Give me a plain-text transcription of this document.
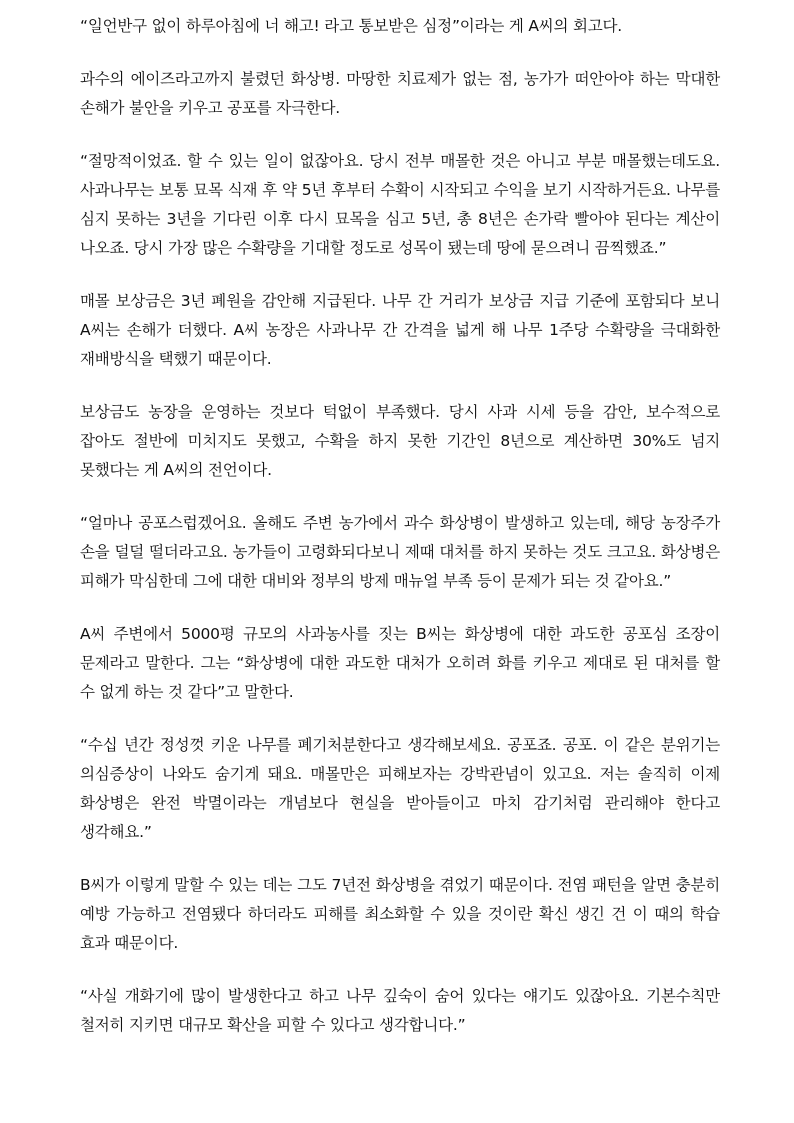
“일언반구 없이 하루아침에 너 해고! 라고 통보받은 심정”이라는 게 A씨의 회고다.

과수의 에이즈라고까지 불렸던 화상병. 마땅한 치료제가 없는 점, 농가가 떠안아야 하는 막대한 손해가 불안을 키우고 공포를 자극한다.

“절망적이었죠. 할 수 있는 일이 없잖아요. 당시 전부 매몰한 것은 아니고 부분 매몰했는데도요. 사과나무는 보통 묘목 식재 후 약 5년 후부터 수확이 시작되고 수익을 보기 시작하거든요. 나무를 심지 못하는 3년을 기다린 이후 다시 묘목을 심고 5년, 총 8년은 손가락 빨아야 된다는 계산이 나오죠. 당시 가장 많은 수확량을 기대할 정도로 성목이 됐는데 땅에 묻으려니 끔찍했죠.”

매몰 보상금은 3년 폐원을 감안해 지급된다. 나무 간 거리가 보상금 지급 기준에 포함되다 보니 A씨는 손해가 더했다. A씨 농장은 사과나무 간 간격을 넓게 해 나무 1주당 수확량을 극대화한 재배방식을 택했기 때문이다.

보상금도 농장을 운영하는 것보다 턱없이 부족했다. 당시 사과 시세 등을 감안, 보수적으로 잡아도 절반에 미치지도 못했고, 수확을 하지 못한 기간인 8년으로 계산하면 30%도 넘지 못했다는 게 A씨의 전언이다.

“얼마나 공포스럽겠어요. 올해도 주변 농가에서 과수 화상병이 발생하고 있는데, 해당 농장주가 손을 덜덜 떨더라고요. 농가들이 고령화되다보니 제때 대처를 하지 못하는 것도 크고요. 화상병은 피해가 막심한데 그에 대한 대비와 정부의 방제 매뉴얼 부족 등이 문제가 되는 것 같아요.”

A씨 주변에서 5000평 규모의 사과농사를 짓는 B씨는 화상병에 대한 과도한 공포심 조장이 문제라고 말한다. 그는 “화상병에 대한 과도한 대처가 오히려 화를 키우고 제대로 된 대처를 할 수 없게 하는 것 같다”고 말한다.

“수십 년간 정성껏 키운 나무를 폐기처분한다고 생각해보세요. 공포죠. 공포. 이 같은 분위기는 의심증상이 나와도 숨기게 돼요. 매몰만은 피해보자는 강박관념이 있고요. 저는 솔직히 이제 화상병은 완전 박멸이라는 개념보다 현실을 받아들이고 마치 감기처럼 관리해야 한다고 생각해요.”

B씨가 이렇게 말할 수 있는 데는 그도 7년전 화상병을 겪었기 때문이다. 전염 패턴을 알면 충분히 예방 가능하고 전염됐다 하더라도 피해를 최소화할 수 있을 것이란 확신 생긴 건 이 때의 학습 효과 때문이다.

“사실 개화기에 많이 발생한다고 하고 나무 깊숙이 숨어 있다는 얘기도 있잖아요. 기본수칙만 철저히 지키면 대규모 확산을 피할 수 있다고 생각합니다.”
